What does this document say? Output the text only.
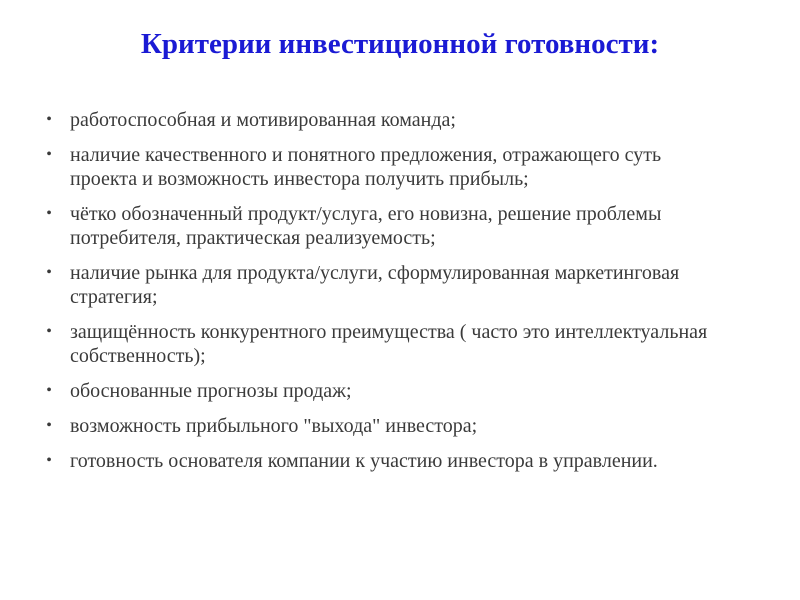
Критерии инвестиционной готовности:
• работоспособная и мотивированная команда;
• наличие качественного и понятного предложения, отражающего суть проекта и возможность инвестора получить прибыль;
• чётко обозначенный продукт/услуга, его новизна, решение проблемы потребителя, практическая реализуемость;
• наличие рынка для продукта/услуги, сформулированная маркетинговая стратегия;
• защищённость конкурентного преимущества ( часто это интеллектуальная собственность);
• обоснованные прогнозы продаж;
• возможность прибыльного "выхода" инвестора;
• готовность основателя компании к участию инвестора в управлении.
